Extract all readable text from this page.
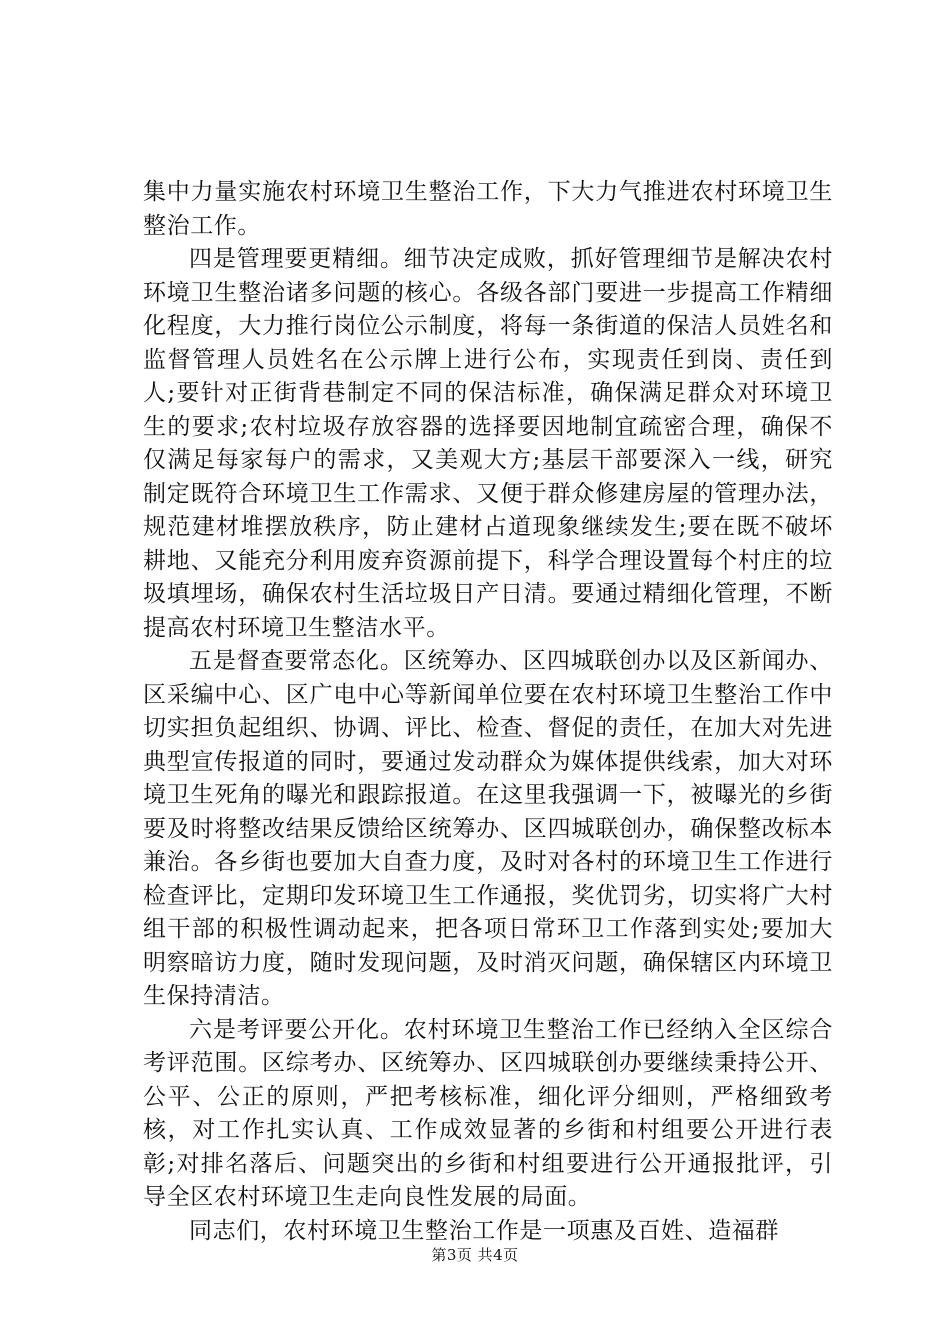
集中力量实施农村环境卫生整治工作，下大力气推进农村环境卫生整治工作。

四是管理要更精细。细节决定成败，抓好管理细节是解决农村环境卫生整治诸多问题的核心。各级各部门要进一步提高工作精细化程度，大力推行岗位公示制度，将每一条街道的保洁人员姓名和监督管理人员姓名在公示牌上进行公布，实现责任到岗、责任到人;要针对正街背巷制定不同的保洁标准，确保满足群众对环境卫生的要求;农村垃圾存放容器的选择要因地制宜疏密合理，确保不仅满足每家每户的需求，又美观大方;基层干部要深入一线，研究制定既符合环境卫生工作需求、又便于群众修建房屋的管理办法，规范建材堆摆放秩序，防止建材占道现象继续发生;要在既不破坏耕地、又能充分利用废弃资源前提下，科学合理设置每个村庄的垃圾填埋场，确保农村生活垃圾日产日清。要通过精细化管理，不断提高农村环境卫生整洁水平。

五是督查要常态化。区统筹办、区四城联创办以及区新闻办、区采编中心、区广电中心等新闻单位要在农村环境卫生整治工作中切实担负起组织、协调、评比、检查、督促的责任，在加大对先进典型宣传报道的同时，要通过发动群众为媒体提供线索，加大对环境卫生死角的曝光和跟踪报道。在这里我强调一下，被曝光的乡街要及时将整改结果反馈给区统筹办、区四城联创办，确保整改标本兼治。各乡街也要加大自查力度，及时对各村的环境卫生工作进行检查评比，定期印发环境卫生工作通报，奖优罚劣，切实将广大村组干部的积极性调动起来，把各项日常环卫工作落到实处;要加大明察暗访力度，随时发现问题，及时消灭问题，确保辖区内环境卫生保持清洁。

六是考评要公开化。农村环境卫生整治工作已经纳入全区综合考评范围。区综考办、区统筹办、区四城联创办要继续秉持公开、公平、公正的原则，严把考核标准，细化评分细则，严格细致考核，对工作扎实认真、工作成效显著的乡街和村组要公开进行表彰;对排名落后、问题突出的乡街和村组要进行公开通报批评，引导全区农村环境卫生走向良性发展的局面。

同志们，农村环境卫生整治工作是一项惠及百姓、造福群

第3页 共4页
